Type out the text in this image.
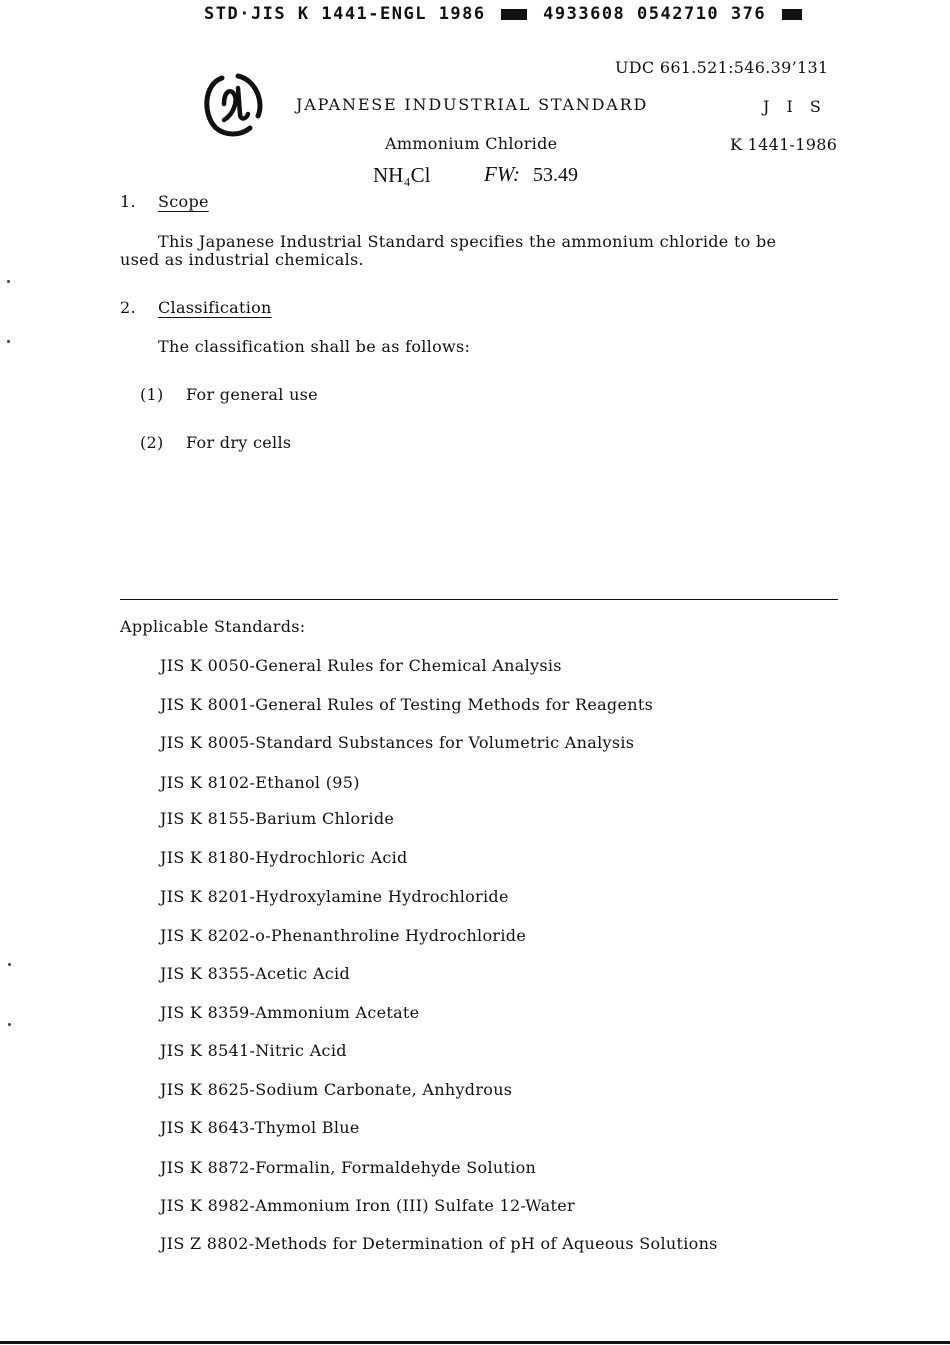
STD·JIS K 1441-ENGL 1986	4933608 0542710 376
UDC 661.521:546.39’131
JAPANESE INDUSTRIAL STANDARD	J I S
Ammonium Chloride	K 1441-1986
NH₄Cl	FW: 53.49
1. Scope
This Japanese Industrial Standard specifies the ammonium chloride to be
used as industrial chemicals.
2. Classification
The classification shall be as follows:
(1) For general use
(2) For dry cells
Applicable Standards:
JIS K 0050-General Rules for Chemical Analysis
JIS K 8001-General Rules of Testing Methods for Reagents
JIS K 8005-Standard Substances for Volumetric Analysis
JIS K 8102-Ethanol (95)
JIS K 8155-Barium Chloride
JIS K 8180-Hydrochloric Acid
JIS K 8201-Hydroxylamine Hydrochloride
JIS K 8202-o-Phenanthroline Hydrochloride
JIS K 8355-Acetic Acid
JIS K 8359-Ammonium Acetate
JIS K 8541-Nitric Acid
JIS K 8625-Sodium Carbonate, Anhydrous
JIS K 8643-Thymol Blue
JIS K 8872-Formalin, Formaldehyde Solution
JIS K 8982-Ammonium Iron (III) Sulfate 12-Water
JIS Z 8802-Methods for Determination of pH of Aqueous Solutions
